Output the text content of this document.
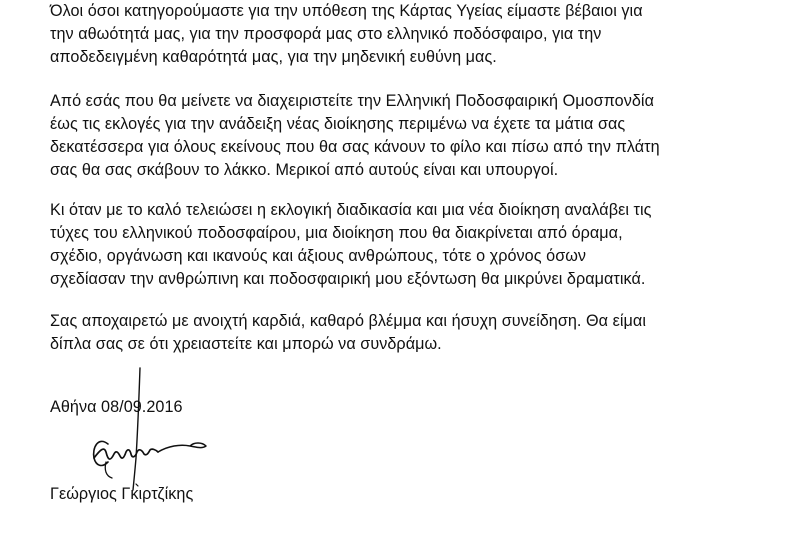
Όλοι όσοι κατηγορούμαστε για την υπόθεση της Κάρτας Υγείας είμαστε βέβαιοι για
την αθωότητά μας, για την προσφορά μας στο ελληνικό ποδόσφαιρο, για την
αποδεδειγμένη καθαρότητά μας, για την μηδενική ευθύνη μας.

Από εσάς που θα μείνετε να διαχειριστείτε την Ελληνική Ποδοσφαιρική Ομοσπονδία
έως τις εκλογές για την ανάδειξη νέας διοίκησης περιμένω να έχετε τα μάτια σας
δεκατέσσερα για όλους εκείνους που θα σας κάνουν το φίλο και πίσω από την πλάτη
σας θα σας σκάβουν το λάκκο. Μερικοί από αυτούς είναι και υπουργοί.

Κι όταν με το καλό τελειώσει η εκλογική διαδικασία και μια νέα διοίκηση αναλάβει τις
τύχες του ελληνικού ποδοσφαίρου, μια διοίκηση που θα διακρίνεται από όραμα,
σχέδιο, οργάνωση και ικανούς και άξιους ανθρώπους, τότε ο χρόνος όσων
σχεδίασαν την ανθρώπινη και ποδοσφαιρική μου εξόντωση θα μικρύνει δραματικά.

Σας αποχαιρετώ με ανοιχτή καρδιά, καθαρό βλέμμα και ήσυχη συνείδηση. Θα είμαι
δίπλα σας σε ότι χρειαστείτε και μπορώ να συνδράμω.

Αθήνα 08/09.2016
Γεώργιος Γκιρτζίκης
